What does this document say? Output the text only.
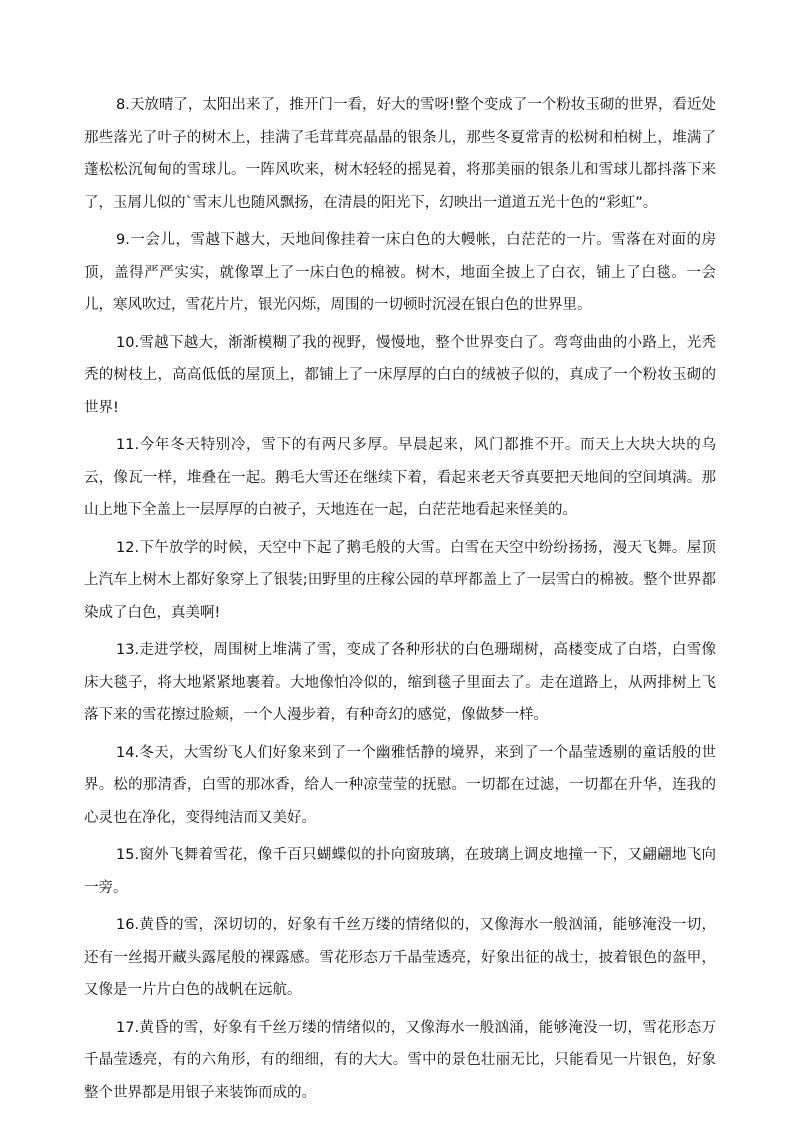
8.天放晴了，太阳出来了，推开门一看，好大的雪呀!整个变成了一个粉妆玉砌的世界，看近处那些落光了叶子的树木上，挂满了毛茸茸亮晶晶的银条儿，那些冬夏常青的松树和柏树上，堆满了蓬松松沉甸甸的雪球儿。一阵风吹来，树木轻轻的摇晃着，将那美丽的银条儿和雪球儿都抖落下来了，玉屑儿似的`雪末儿也随风飘扬，在清晨的阳光下，幻映出一道道五光十色的“彩虹”。

9.一会儿，雪越下越大，天地间像挂着一床白色的大幔帐，白茫茫的一片。雪落在对面的房顶，盖得严严实实，就像罩上了一床白色的棉被。树木，地面全披上了白衣，铺上了白毯。一会儿，寒风吹过，雪花片片，银光闪烁，周围的一切顿时沉浸在银白色的世界里。

10.雪越下越大，渐渐模糊了我的视野，慢慢地，整个世界变白了。弯弯曲曲的小路上，光秃秃的树枝上，高高低低的屋顶上，都铺上了一床厚厚的白白的绒被子似的，真成了一个粉妆玉砌的世界!

11.今年冬天特别冷，雪下的有两尺多厚。早晨起来，风门都推不开。而天上大块大块的乌云，像瓦一样，堆叠在一起。鹅毛大雪还在继续下着，看起来老天爷真要把天地间的空间填满。那山上地下全盖上一层厚厚的白被子，天地连在一起，白茫茫地看起来怪美的。

12.下午放学的时候，天空中下起了鹅毛般的大雪。白雪在天空中纷纷扬扬，漫天飞舞。屋顶上汽车上树木上都好象穿上了银装;田野里的庄稼公园的草坪都盖上了一层雪白的棉被。整个世界都染成了白色，真美啊!

13.走进学校，周围树上堆满了雪，变成了各种形状的白色珊瑚树，高楼变成了白塔，白雪像床大毯子，将大地紧紧地裹着。大地像怕冷似的，缩到毯子里面去了。走在道路上，从两排树上飞落下来的雪花擦过脸颊，一个人漫步着，有种奇幻的感觉，像做梦一样。

14.冬天，大雪纷飞人们好象来到了一个幽雅恬静的境界，来到了一个晶莹透剔的童话般的世界。松的那清香，白雪的那冰香，给人一种凉莹莹的抚慰。一切都在过滤，一切都在升华，连我的心灵也在净化，变得纯洁而又美好。

15.窗外飞舞着雪花，像千百只蝴蝶似的扑向窗玻璃，在玻璃上调皮地撞一下，又翩翩地飞向一旁。

16.黄昏的雪，深切切的，好象有千丝万缕的情绪似的，又像海水一般汹涌，能够淹没一切，还有一丝揭开藏头露尾般的裸露感。雪花形态万千晶莹透亮，好象出征的战士，披着银色的盔甲，又像是一片片白色的战帆在远航。

17.黄昏的雪，好象有千丝万缕的情绪似的，又像海水一般汹涌，能够淹没一切，雪花形态万千晶莹透亮，有的六角形，有的细细，有的大大。雪中的景色壮丽无比，只能看见一片银色，好象整个世界都是用银子来装饰而成的。
